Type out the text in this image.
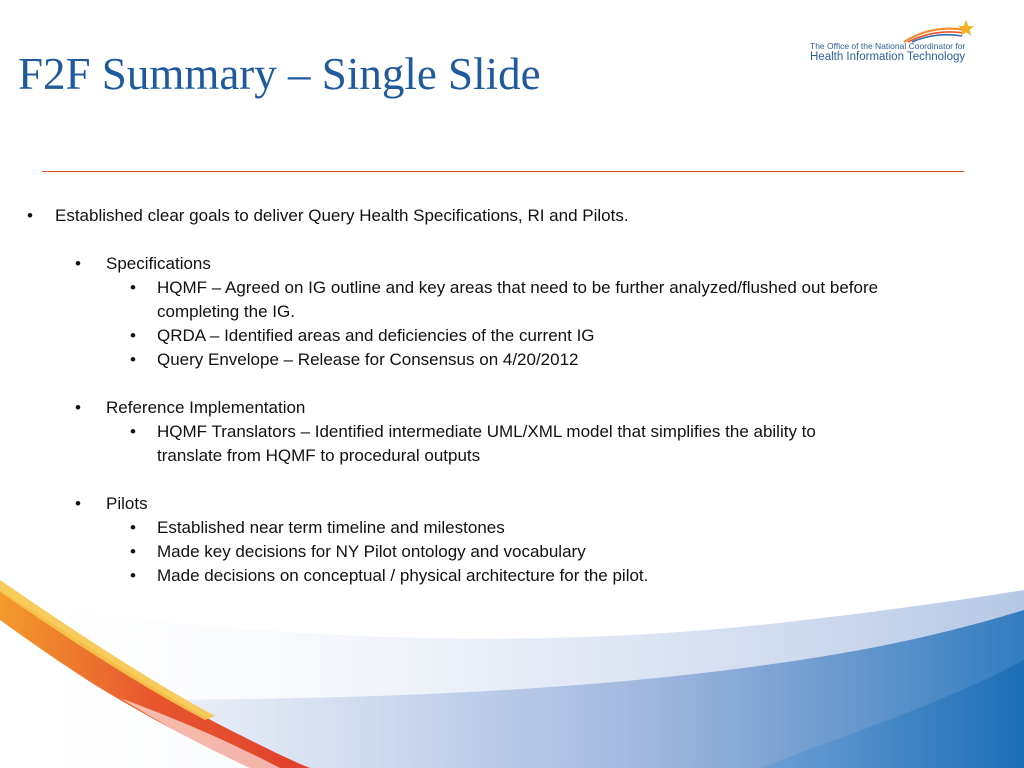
F2F Summary – Single Slide
The Office of the National Coordinator for
Health Information Technology
• Established clear goals to deliver Query Health Specifications, RI and Pilots.
• Specifications
• HQMF – Agreed on IG outline and key areas that need to be further analyzed/flushed out before
completing the IG.
• QRDA – Identified areas and deficiencies of the current IG
• Query Envelope – Release for Consensus on 4/20/2012
• Reference Implementation
• HQMF Translators – Identified intermediate UML/XML model that simplifies the ability to
translate from HQMF to procedural outputs
• Pilots
• Established near term timeline and milestones
• Made key decisions for NY Pilot ontology and vocabulary
• Made decisions on conceptual / physical architecture for the pilot.
